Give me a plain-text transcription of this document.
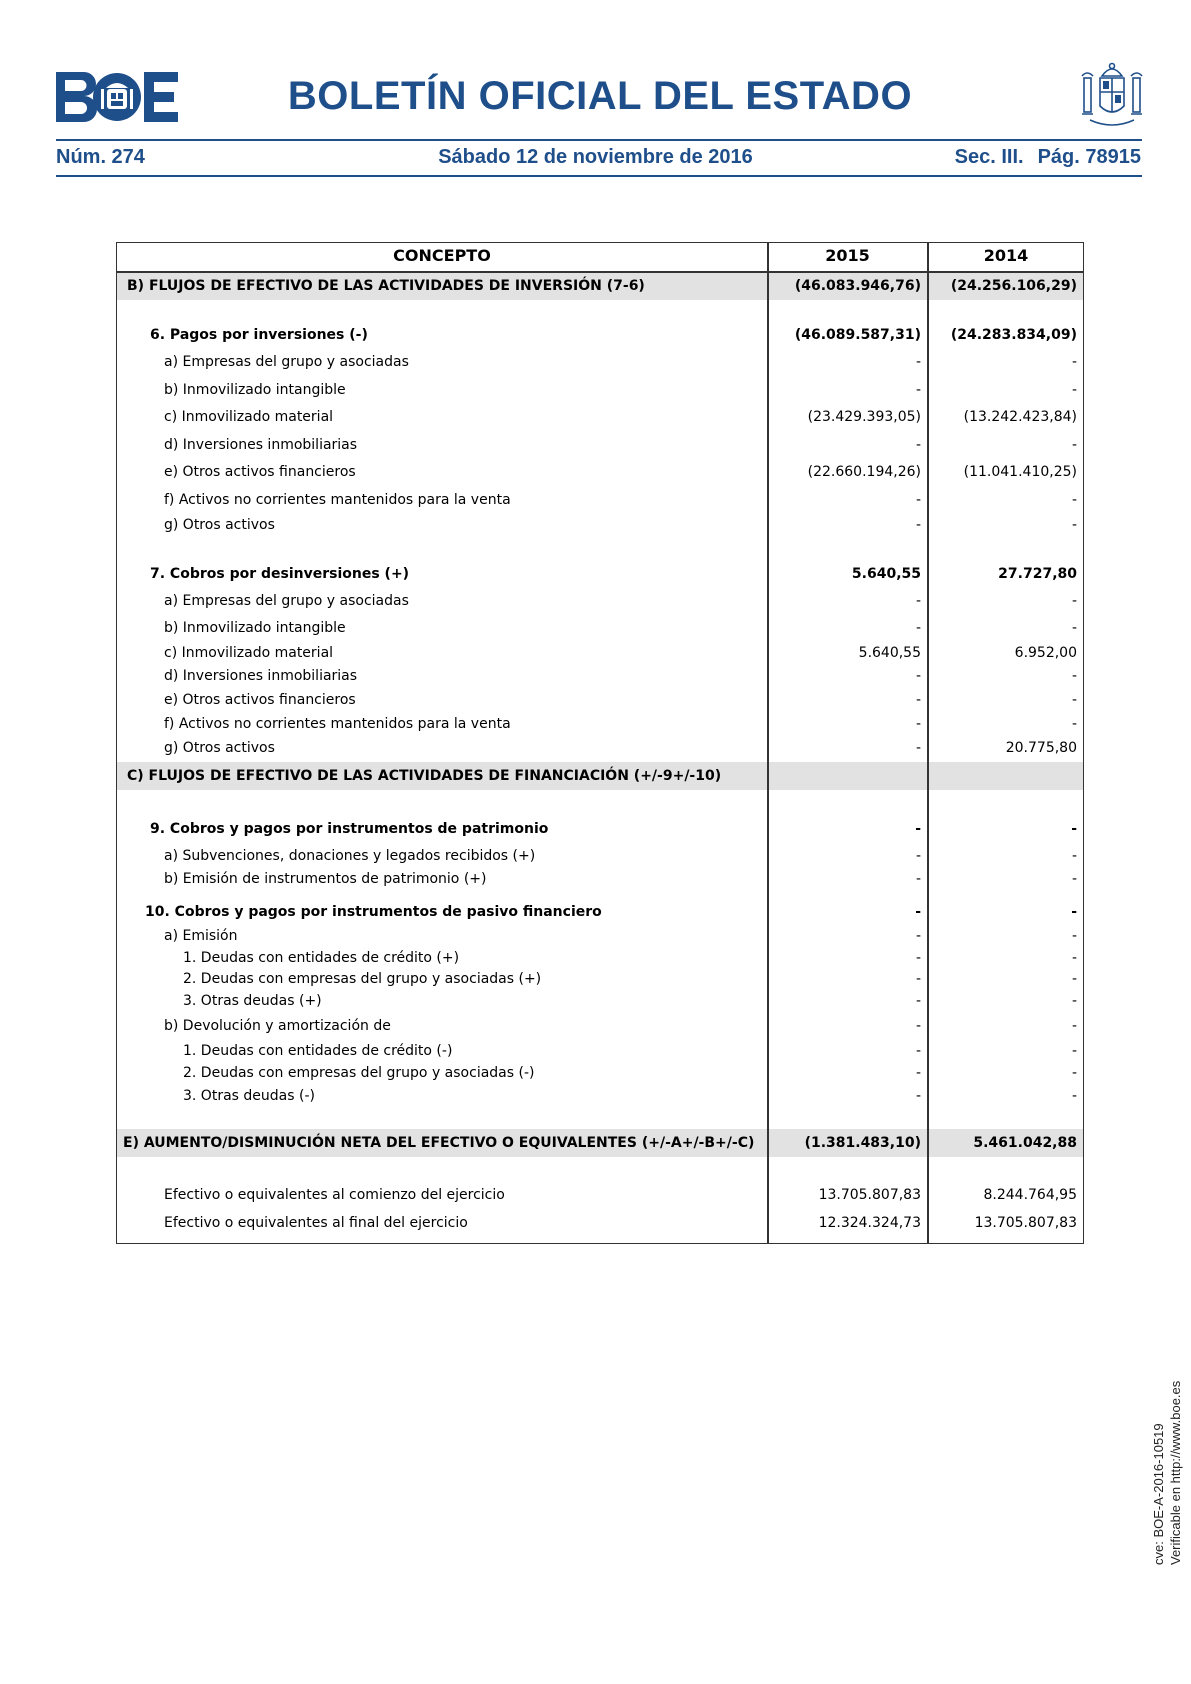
BOLETÍN OFICIAL DEL ESTADO
Núm. 274	Sábado 12 de noviembre de 2016	Sec. III. Pág. 78915
CONCEPTO	2015	2014
B) FLUJOS DE EFECTIVO DE LAS ACTIVIDADES DE INVERSIÓN (7-6)	(46.083.946,76) (24.256.106,29)
6. Pagos por inversiones (-)	(46.089.587,31) (24.283.834,09)
a) Empresas del grupo y asociadas	-	-
b) Inmovilizado intangible	-	-
c) Inmovilizado material	(23.429.393,05)	(13.242.423,84)
d) Inversiones inmobiliarias	-	-
e) Otros activos financieros	(22.660.194,26)	(11.041.410,25)
f) Activos no corrientes mantenidos para la venta	-	-
g) Otros activos	-	-
7. Cobros por desinversiones (+)	5.640,55	27.727,80
a) Empresas del grupo y asociadas	-	-
b) Inmovilizado intangible	-	-
c) Inmovilizado material	5.640,55	6.952,00
d) Inversiones inmobiliarias	-	-
e) Otros activos financieros	-	-
f) Activos no corrientes mantenidos para la venta	-	-
g) Otros activos	-	20.775,80
C) FLUJOS DE EFECTIVO DE LAS ACTIVIDADES DE FINANCIACIÓN (+/-9+/-10)
9. Cobros y pagos por instrumentos de patrimonio	-	-
a) Subvenciones, donaciones y legados recibidos (+)	-	-
b) Emisión de instrumentos de patrimonio (+)	-	-
10. Cobros y pagos por instrumentos de pasivo financiero	-	-
a) Emisión	-	-
1. Deudas con entidades de crédito (+)	-	-
2. Deudas con empresas del grupo y asociadas (+)	-	-
3. Otras deudas (+)	-	-
b) Devolución y amortización de	-	-
1. Deudas con entidades de crédito (-)	-	-
2. Deudas con empresas del grupo y asociadas (-)	-	-
3. Otras deudas (-)	-	-
E) AUMENTO/DISMINUCIÓN NETA DEL EFECTIVO O EQUIVALENTES (+/-A+/-B+/-C)	(1.381.483,10)	5.461.042,88
Efectivo o equivalentes al comienzo del ejercicio	13.705.807,83	8.244.764,95
Efectivo o equivalentes al final del ejercicio	12.324.324,73	13.705.807,83
cve: BOE-A-2016-10519 Verificable en http://www.boe.es
